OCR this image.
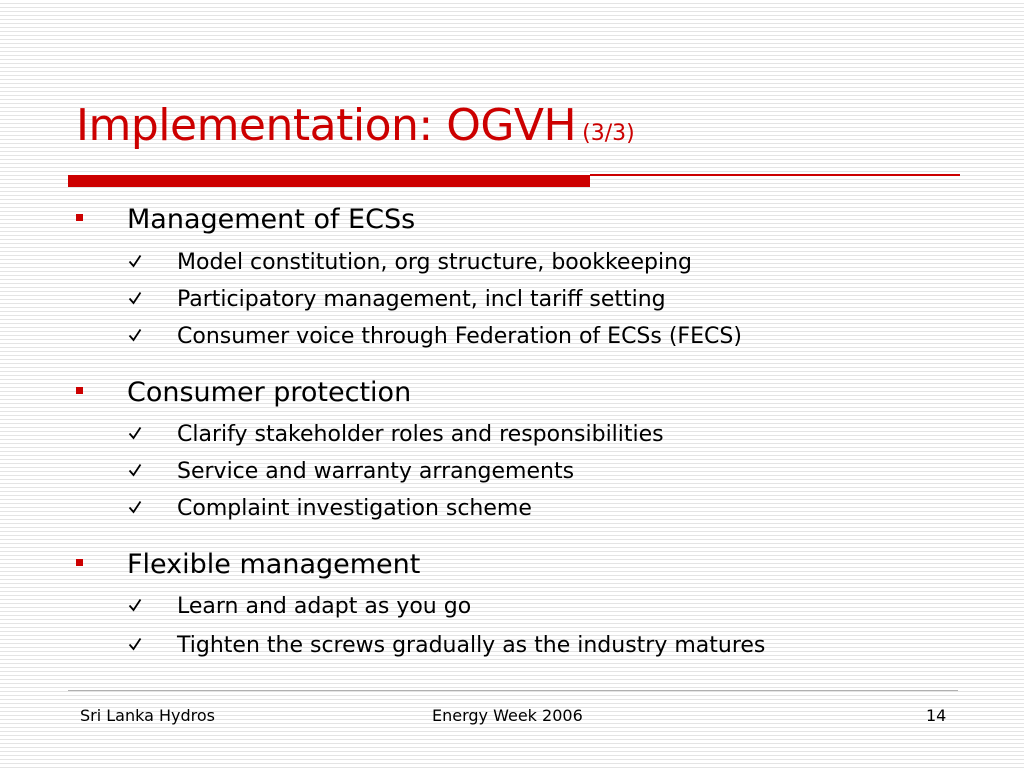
Implementation: OGVH (3/3)
Management of ECSs
Model constitution, org structure, bookkeeping
Participatory management, incl tariff setting
Consumer voice through Federation of ECSs (FECS)
Consumer protection
Clarify stakeholder roles and responsibilities
Service and warranty arrangements
Complaint investigation scheme
Flexible management
Learn and adapt as you go
Tighten the screws gradually as the industry matures
Sri Lanka Hydros	Energy Week 2006	14
